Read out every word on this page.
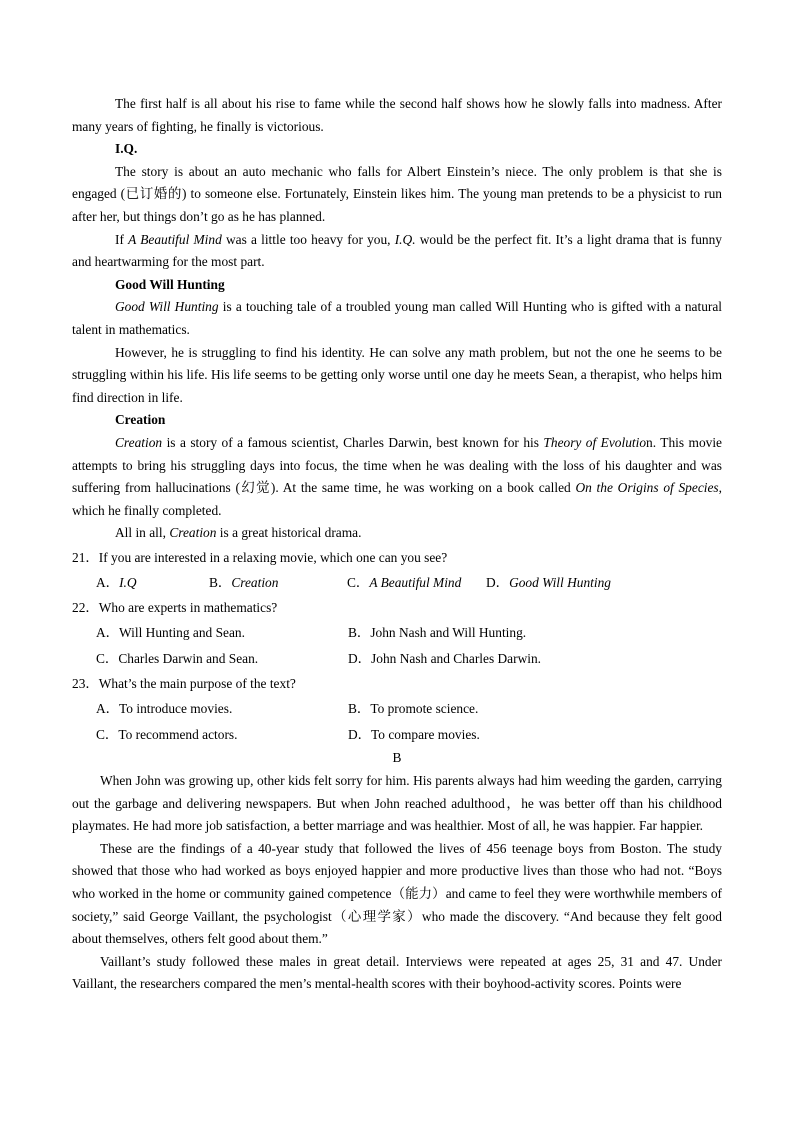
The first half is all about his rise to fame while the second half shows how he slowly falls into madness. After many years of fighting, he finally is victorious.

I.Q.

The story is about an auto mechanic who falls for Albert Einstein’s niece. The only problem is that she is engaged (已订婚的) to someone else. Fortunately, Einstein likes him. The young man pretends to be a physicist to run after her, but things don’t go as he has planned.

If A Beautiful Mind was a little too heavy for you, I.Q. would be the perfect fit. It’s a light drama that is funny and heartwarming for the most part.

Good Will Hunting

Good Will Hunting is a touching tale of a troubled young man called Will Hunting who is gifted with a natural talent in mathematics.

However, he is struggling to find his identity. He can solve any math problem, but not the one he seems to be struggling within his life. His life seems to be getting only worse until one day he meets Sean, a therapist, who helps him find direction in life.

Creation

Creation is a story of a famous scientist, Charles Darwin, best known for his Theory of Evolution. This movie attempts to bring his struggling days into focus, the time when he was dealing with the loss of his daughter and was suffering from hallucinations (幻觉). At the same time, he was working on a book called On the Origins of Species, which he finally completed.

All in all, Creation is a great historical drama.

21．If you are interested in a relaxing movie, which one can you see?

A．I.Q	B．Creation	C．A Beautiful Mind	D．Good Will Hunting

22．Who are experts in mathematics?

A．Will Hunting and Sean.	B．John Nash and Will Hunting.
C．Charles Darwin and Sean.	D．John Nash and Charles Darwin.

23．What’s the main purpose of the text?

A．To introduce movies.	B．To promote science.
C．To recommend actors.	D．To compare movies.

B

When John was growing up, other kids felt sorry for him. His parents always had him weeding the garden, carrying out the garbage and delivering newspapers. But when John reached adulthood，he was better off than his childhood playmates. He had more job satisfaction, a better marriage and was healthier. Most of all, he was happier. Far happier.

These are the findings of a 40-year study that followed the lives of 456 teenage boys from Boston. The study showed that those who had worked as boys enjoyed happier and more productive lives than those who had not. “Boys who worked in the home or community gained competence（能力）and came to feel they were worthwhile members of society,” said George Vaillant, the psychologist（心理学家）who made the discovery. “And because they felt good about themselves, others felt good about them.”

Vaillant’s study followed these males in great detail. Interviews were repeated at ages 25, 31 and 47. Under Vaillant, the researchers compared the men’s mental-health scores with their boyhood-activity scores. Points were
